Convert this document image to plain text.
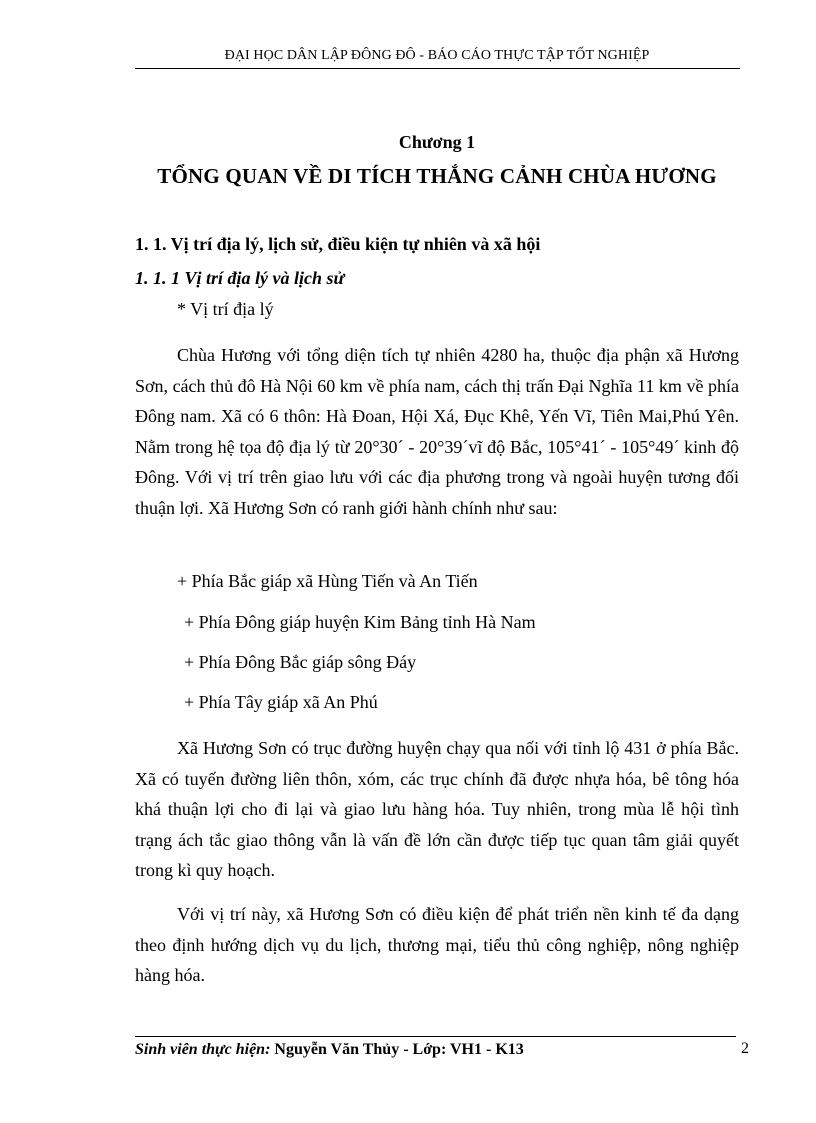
ĐẠI HỌC DÂN LẬP ĐÔNG ĐÔ - BÁO CÁO THỰC TẬP TỐT NGHIỆP
Chương 1
TỔNG QUAN VỀ DI TÍCH THẮNG CẢNH CHÙA HƯƠNG
1. 1. Vị trí địa lý, lịch sử, điều kiện tự nhiên và xã hội
1. 1. 1 Vị trí địa lý và lịch sử
* Vị trí địa lý

Chùa Hương với tổng diện tích tự nhiên 4280 ha, thuộc địa phận xã Hương Sơn, cách thủ đô Hà Nội 60 km về phía nam, cách thị trấn Đại Nghĩa 11 km về phía Đông nam. Xã có 6 thôn: Hà Đoan, Hội Xá, Đục Khê, Yến Vĩ, Tiên Mai,Phú Yên. Nằm trong hệ tọa độ địa lý từ 20°30´ - 20°39´vĩ độ Bắc, 105°41´ - 105°49´ kinh độ Đông. Với vị trí trên giao lưu với các địa phương trong và ngoài huyện tương đối thuận lợi. Xã Hương Sơn có ranh giới hành chính như sau:

+ Phía Bắc giáp xã Hùng Tiến và An Tiến
+ Phía Đông giáp huyện Kim Bảng tỉnh Hà Nam
+ Phía Đông Bắc giáp sông Đáy
+ Phía Tây giáp xã An Phú

Xã Hương Sơn có trục đường huyện chạy qua nối với tỉnh lộ 431 ở phía Bắc. Xã có tuyến đường liên thôn, xóm, các trục chính đã được nhựa hóa, bê tông hóa khá thuận lợi cho đi lại và giao lưu hàng hóa. Tuy nhiên, trong mùa lễ hội tình trạng ách tắc giao thông vẫn là vấn đề lớn cần được tiếp tục quan tâm giải quyết trong kì quy hoạch.

Với vị trí này, xã Hương Sơn có điều kiện để phát triển nền kinh tế đa dạng theo định hướng dịch vụ du lịch, thương mại, tiểu thủ công nghiệp, nông nghiệp hàng hóa.

Sinh viên thực hiện: Nguyễn Văn Thủy - Lớp: VH1 - K13	2
